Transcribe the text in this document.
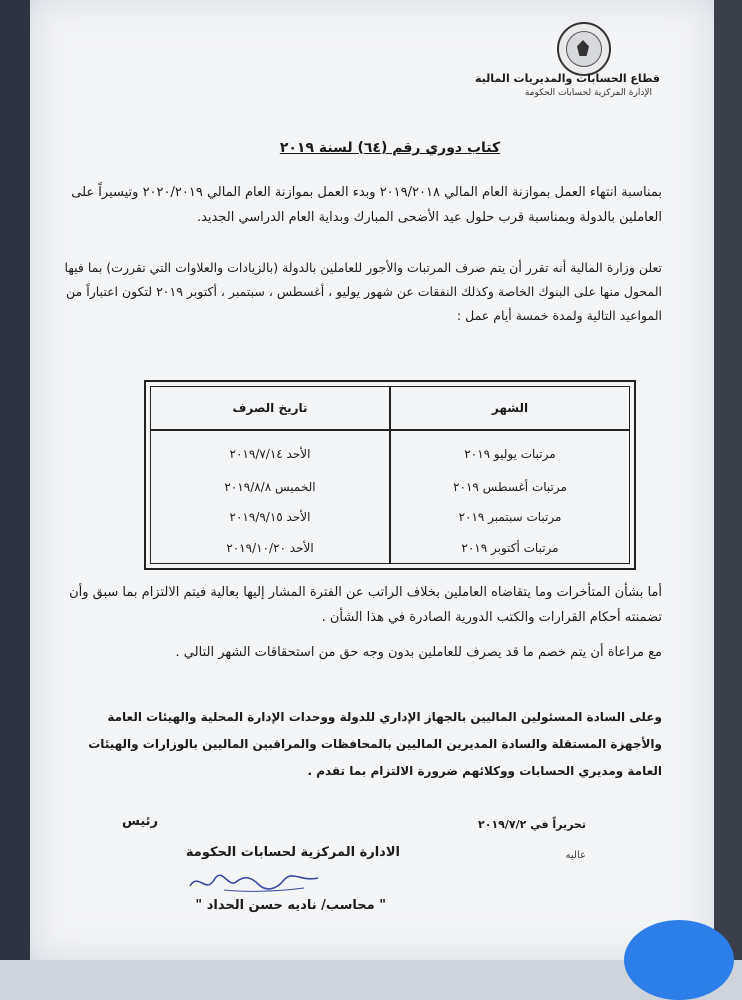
قطاع الحسابات والمديريات المالية
الإدارة المركزية لحسابات الحكومة
كتاب دوري رقم (٦٤) لسنة ٢٠١٩
بمناسبة انتهاء العمل بموازنة العام المالي ٢٠١٩/٢٠١٨ وبدء العمل بموازنة العام المالي ٢٠٢٠/٢٠١٩ وتيسيراً على العاملين بالدولة وبمناسبة قرب حلول عيد الأضحى المبارك وبداية العام الدراسي الجديد.
تعلن وزارة المالية أنه تقرر أن يتم صرف المرتبات والأجور للعاملين بالدولة (بالزيادات والعلاوات التي تقررت) بما فيها المحول منها على البنوك الخاصة وكذلك النفقات عن شهور يوليو ، أغسطس ، سبتمبر ، أكتوبر ٢٠١٩ لتكون اعتباراً من المواعيد التالية ولمدة خمسة أيام عمل :
الشهر	تاريخ الصرف
مرتبات يوليو ٢٠١٩	الأحد ٢٠١٩/٧/١٤
مرتبات أغسطس ٢٠١٩	الخميس ٢٠١٩/٨/٨
مرتبات سبتمبر ٢٠١٩	الأحد ٢٠١٩/٩/١٥
مرتبات أكتوبر ٢٠١٩	الأحد ٢٠١٩/١٠/٢٠
أما بشأن المتأخرات وما يتقاضاه العاملين بخلاف الراتب عن الفترة المشار إليها بعالية فيتم الالتزام بما سبق وأن تضمنته أحكام القرارات والكتب الدورية الصادرة في هذا الشأن .
مع مراعاة أن يتم خصم ما قد يصرف للعاملين بدون وجه حق من استحقاقات الشهر التالي .
وعلى السادة المسئولين الماليين بالجهاز الإداري للدولة ووحدات الإدارة المحلية والهيئات العامة والأجهزة المستقلة والسادة المديرين الماليين بالمحافظات والمراقبين الماليين بالوزارات والهيئات العامة ومديري الحسابات ووكلائهم ضرورة الالتزام بما تقدم .
تحريراً في ٢٠١٩/٧/٢
عاليه
رئيس
الادارة المركزية لحسابات الحكومة
" محاسب/ ناديه حسن الحداد "
